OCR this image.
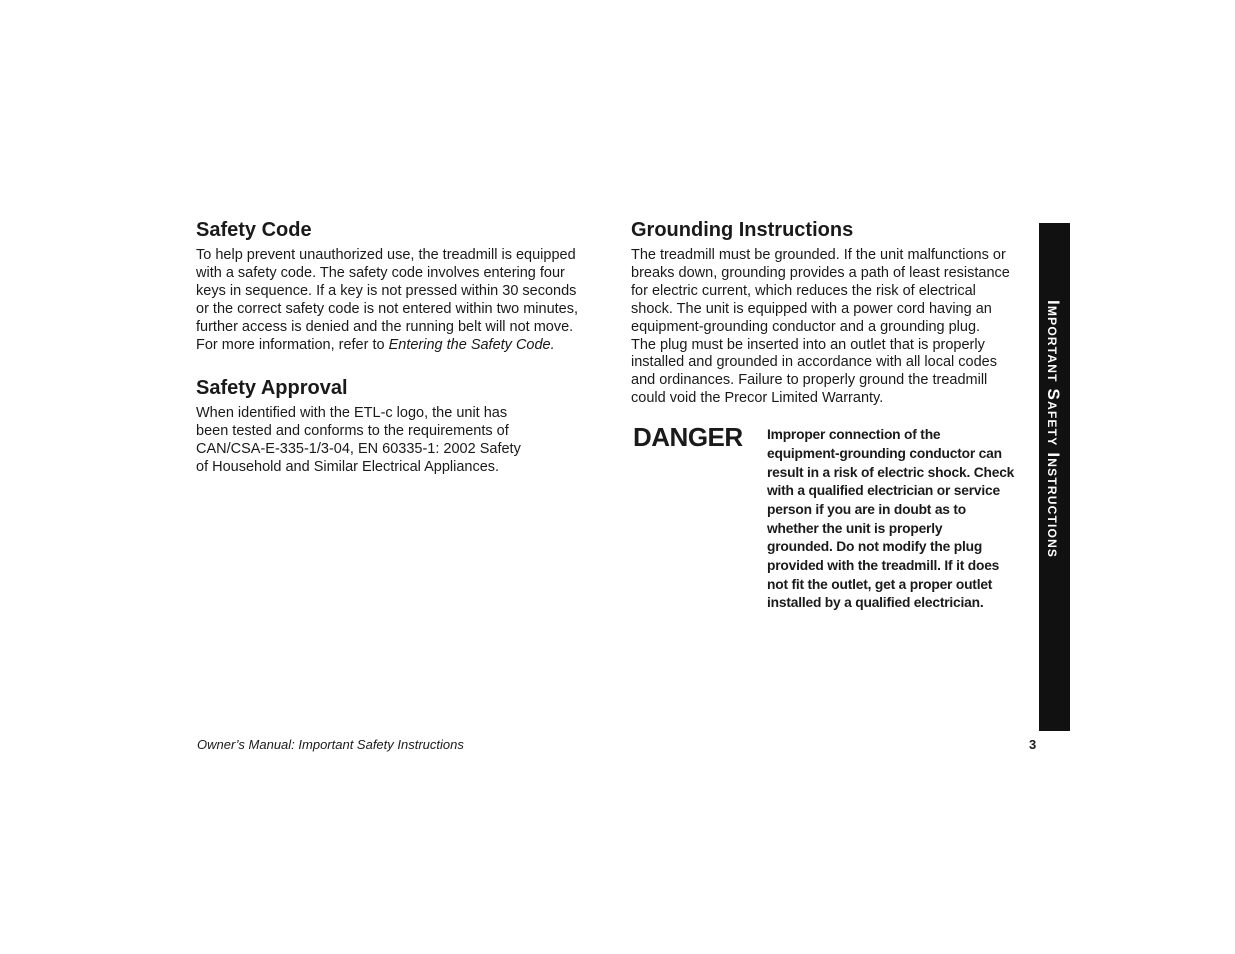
Safety Code

To help prevent unauthorized use, the treadmill is equipped
with a safety code. The safety code involves entering four
keys in sequence. If a key is not pressed within 30 seconds
or the correct safety code is not entered within two minutes,
further access is denied and the running belt will not move.
For more information, refer to Entering the Safety Code.

Safety Approval

When identified with the ETL-c logo, the unit has
been tested and conforms to the requirements of
CAN/CSA-E-335-1/3-04, EN 60335-1: 2002 Safety
of Household and Similar Electrical Appliances.

Grounding Instructions

The treadmill must be grounded. If the unit malfunctions or
breaks down, grounding provides a path of least resistance
for electric current, which reduces the risk of electrical
shock. The unit is equipped with a power cord having an
equipment-grounding conductor and a grounding plug.
The plug must be inserted into an outlet that is properly
installed and grounded in accordance with all local codes
and ordinances. Failure to properly ground the treadmill
could void the Precor Limited Warranty.

DANGER Improper connection of the
equipment-grounding conductor can
result in a risk of electric shock. Check
with a qualified electrician or service
person if you are in doubt as to
whether the unit is properly
grounded. Do not modify the plug
provided with the treadmill. If it does
not fit the outlet, get a proper outlet
installed by a qualified electrician.
Important Safety Instructions
Owner’s Manual: Important Safety Instructions	3
